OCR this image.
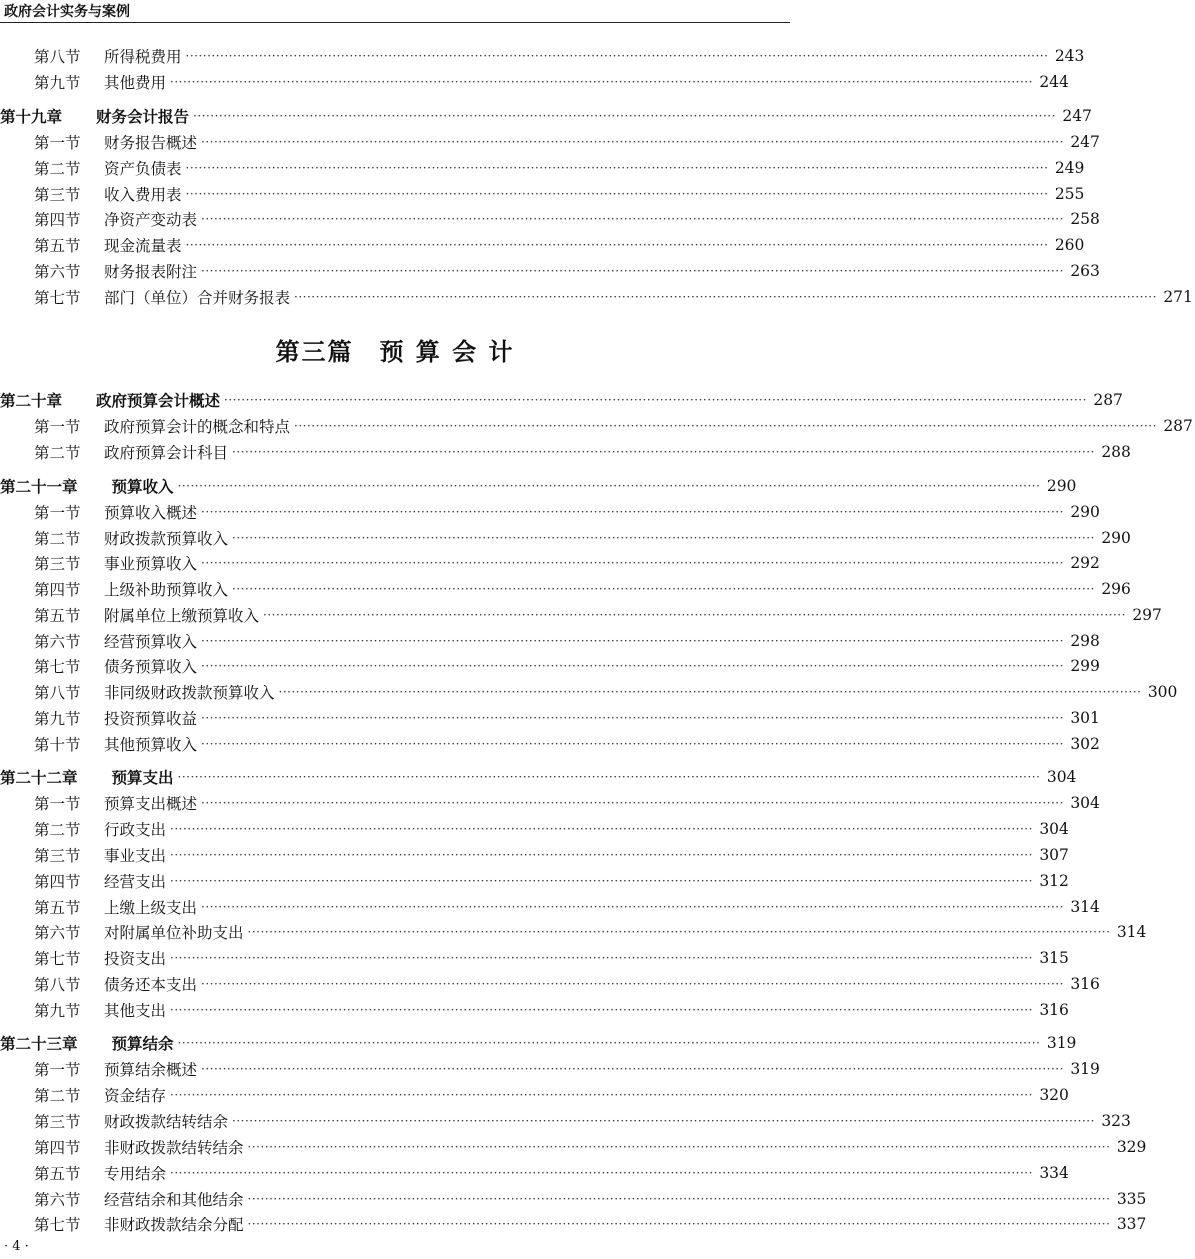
政府会计实务与案例
第八节	所得税费用 ········································································································································································································ 243
第九节	其他费用 ········································································································································································································ 244
第十九章 财务会计报告 ········································································································································································································ 247
第一节	财务报告概述 ········································································································································································································ 247
第二节	资产负债表 ········································································································································································································ 249
第三节	收入费用表 ········································································································································································································ 255
第四节	净资产变动表 ········································································································································································································ 258
第五节	现金流量表 ········································································································································································································ 260
第六节	财务报表附注 ········································································································································································································ 263
第七节	部门（单位）合并财务报表 ········································································································································································································ 271
第三篇　预 算 会 计
第二十章 政府预算会计概述 ········································································································································································································ 287
第一节	政府预算会计的概念和特点 ········································································································································································································ 287
第二节	政府预算会计科目 ········································································································································································································ 288
第二十一章 预算收入 ········································································································································································································ 290
第一节	预算收入概述 ········································································································································································································ 290
第二节	财政拨款预算收入 ········································································································································································································ 290
第三节	事业预算收入 ········································································································································································································ 292
第四节	上级补助预算收入 ········································································································································································································ 296
第五节	附属单位上缴预算收入 ········································································································································································································ 297
第六节	经营预算收入 ········································································································································································································ 298
第七节	债务预算收入 ········································································································································································································ 299
第八节	非同级财政拨款预算收入 ········································································································································································································ 300
第九节	投资预算收益 ········································································································································································································ 301
第十节	其他预算收入 ········································································································································································································ 302
第二十二章 预算支出 ········································································································································································································ 304
第一节	预算支出概述 ········································································································································································································ 304
第二节	行政支出 ········································································································································································································ 304
第三节	事业支出 ········································································································································································································ 307
第四节	经营支出 ········································································································································································································ 312
第五节	上缴上级支出 ········································································································································································································ 314
第六节	对附属单位补助支出 ········································································································································································································ 314
第七节	投资支出 ········································································································································································································ 315
第八节	债务还本支出 ········································································································································································································ 316
第九节	其他支出 ········································································································································································································ 316
第二十三章 预算结余 ········································································································································································································ 319
第一节	预算结余概述 ········································································································································································································ 319
第二节	资金结存 ········································································································································································································ 320
第三节	财政拨款结转结余 ········································································································································································································ 323
第四节	非财政拨款结转结余 ········································································································································································································ 329
第五节	专用结余 ········································································································································································································ 334
第六节	经营结余和其他结余 ········································································································································································································ 335
第七节	非财政拨款结余分配 ········································································································································································································ 337
· 4 ·
